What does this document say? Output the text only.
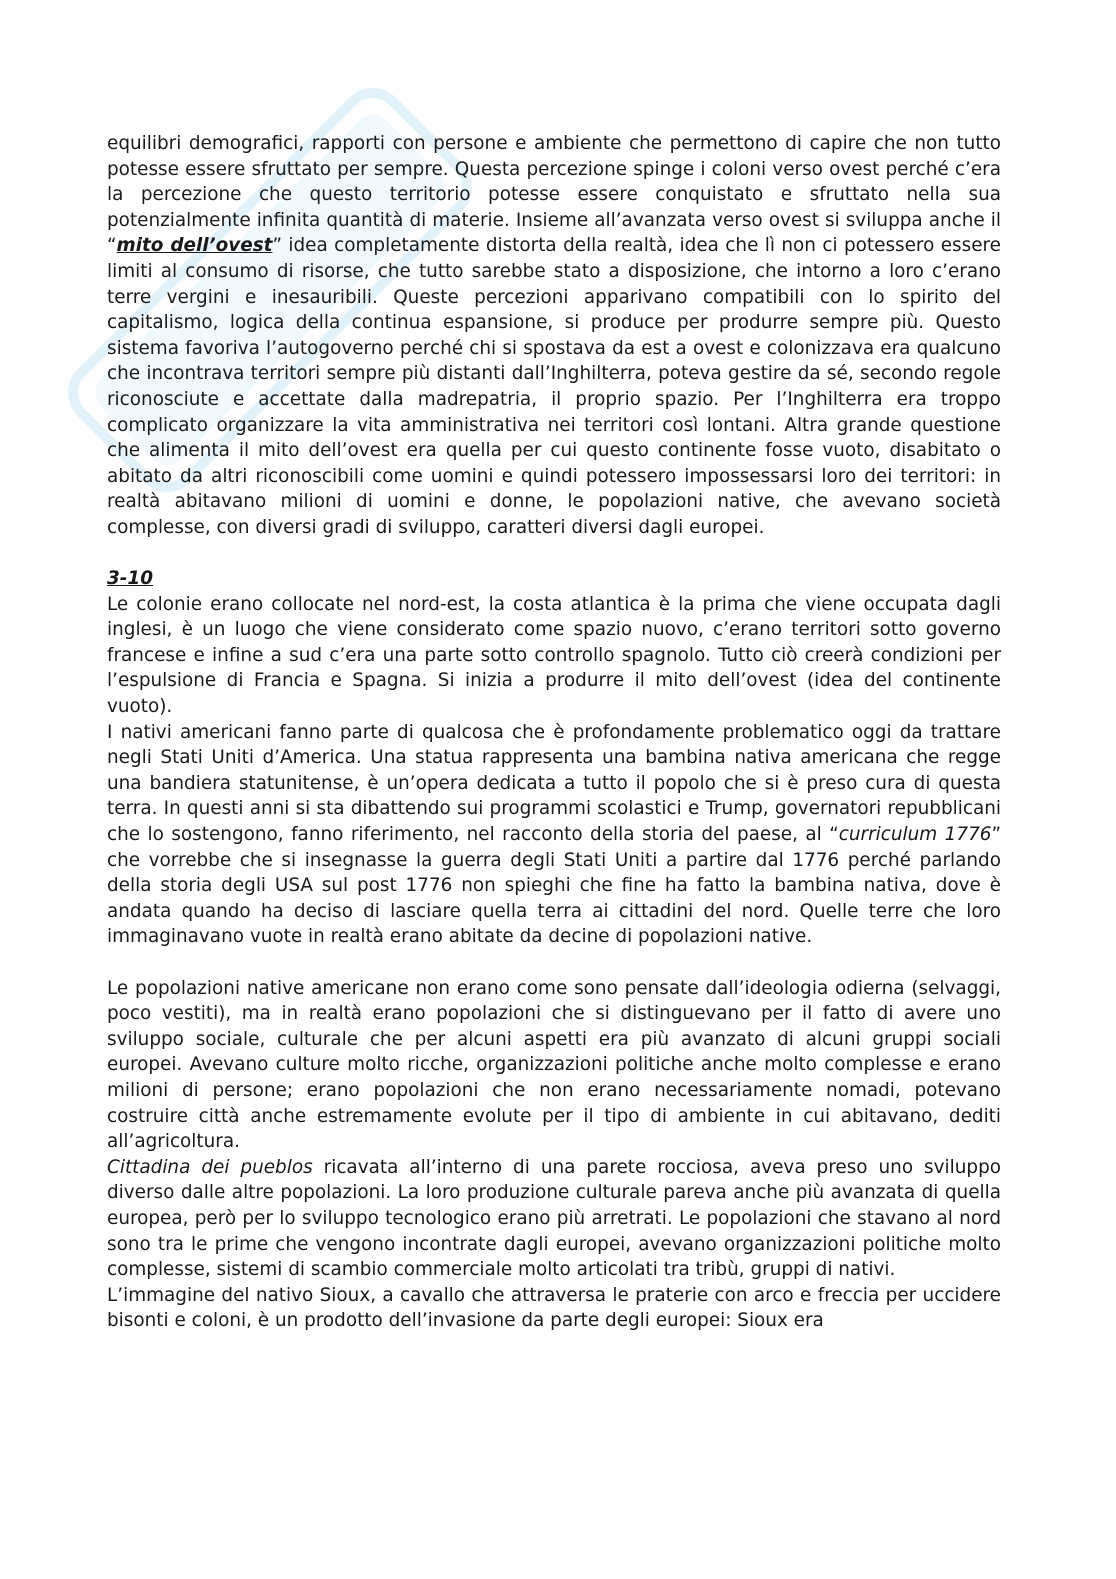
equilibri demografici, rapporti con persone e ambiente che permettono di capire che non tutto potesse essere sfruttato per sempre. Questa percezione spinge i coloni verso ovest perché c’era la percezione che questo territorio potesse essere conquistato e sfruttato nella sua potenzialmente infinita quantità di materie. Insieme all’avanzata verso ovest si sviluppa anche il “mito dell’ovest” idea completamente distorta della realtà, idea che lì non ci potessero essere limiti al consumo di risorse, che tutto sarebbe stato a disposizione, che intorno a loro c’erano terre vergini e inesauribili. Queste percezioni apparivano compatibili con lo spirito del capitalismo, logica della continua espansione, si produce per produrre sempre più. Questo sistema favoriva l’autogoverno perché chi si spostava da est a ovest e colonizzava era qualcuno che incontrava territori sempre più distanti dall’Inghilterra, poteva gestire da sé, secondo regole riconosciute e accettate dalla madrepatria, il proprio spazio. Per l’Inghilterra era troppo complicato organizzare la vita amministrativa nei territori così lontani. Altra grande questione che alimenta il mito dell’ovest era quella per cui questo continente fosse vuoto, disabitato o abitato da altri riconoscibili come uomini e quindi potessero impossessarsi loro dei territori: in realtà abitavano milioni di uomini e donne, le popolazioni native, che avevano società complesse, con diversi gradi di sviluppo, caratteri diversi dagli europei.

3-10

Le colonie erano collocate nel nord-est, la costa atlantica è la prima che viene occupata dagli inglesi, è un luogo che viene considerato come spazio nuovo, c’erano territori sotto governo francese e infine a sud c’era una parte sotto controllo spagnolo. Tutto ciò creerà condizioni per l’espulsione di Francia e Spagna. Si inizia a produrre il mito dell’ovest (idea del continente vuoto).

I nativi americani fanno parte di qualcosa che è profondamente problematico oggi da trattare negli Stati Uniti d’America. Una statua rappresenta una bambina nativa americana che regge una bandiera statunitense, è un’opera dedicata a tutto il popolo che si è preso cura di questa terra. In questi anni si sta dibattendo sui programmi scolastici e Trump, governatori repubblicani che lo sostengono, fanno riferimento, nel racconto della storia del paese, al “curriculum 1776” che vorrebbe che si insegnasse la guerra degli Stati Uniti a partire dal 1776 perché parlando della storia degli USA sul post 1776 non spieghi che fine ha fatto la bambina nativa, dove è andata quando ha deciso di lasciare quella terra ai cittadini del nord. Quelle terre che loro immaginavano vuote in realtà erano abitate da decine di popolazioni native.

Le popolazioni native americane non erano come sono pensate dall’ideologia odierna (selvaggi, poco vestiti), ma in realtà erano popolazioni che si distinguevano per il fatto di avere uno sviluppo sociale, culturale che per alcuni aspetti era più avanzato di alcuni gruppi sociali europei. Avevano culture molto ricche, organizzazioni politiche anche molto complesse e erano milioni di persone; erano popolazioni che non erano necessariamente nomadi, potevano costruire città anche estremamente evolute per il tipo di ambiente in cui abitavano, dediti all’agricoltura.

Cittadina dei pueblos ricavata all’interno di una parete rocciosa, aveva preso uno sviluppo diverso dalle altre popolazioni. La loro produzione culturale pareva anche più avanzata di quella europea, però per lo sviluppo tecnologico erano più arretrati. Le popolazioni che stavano al nord sono tra le prime che vengono incontrate dagli europei, avevano organizzazioni politiche molto complesse, sistemi di scambio commerciale molto articolati tra tribù, gruppi di nativi.

L’immagine del nativo Sioux, a cavallo che attraversa le praterie con arco e freccia per uccidere bisonti e coloni, è un prodotto dell’invasione da parte degli europei: Sioux era
